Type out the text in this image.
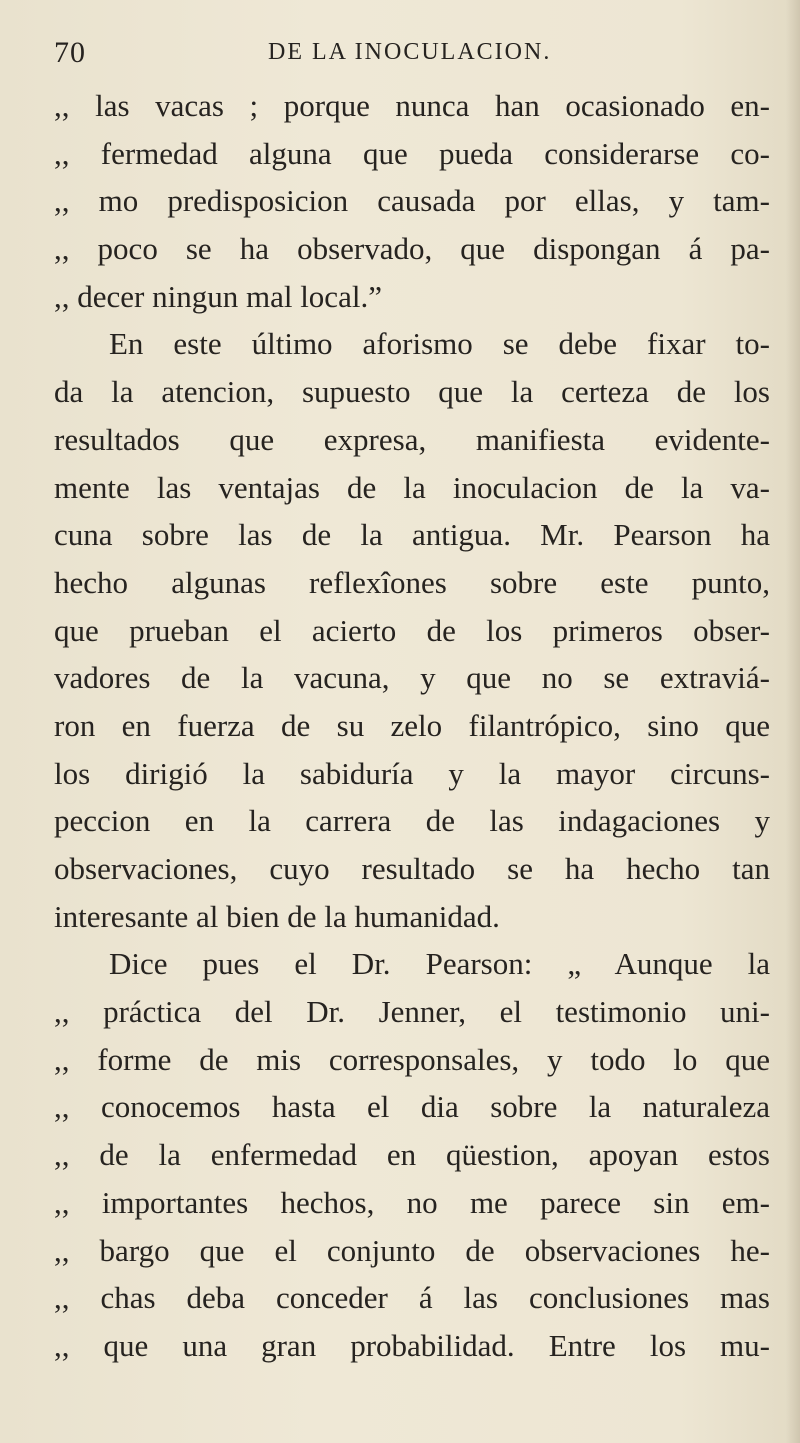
70	DE LA INOCULACION.
,, las vacas ; porque nunca han ocasionado en-
,, fermedad alguna que pueda considerarse co-
,, mo predisposicion causada por ellas, y tam-
,, poco se ha observado, que dispongan á pa-
,, decer ningun mal local.”
En este último aforismo se debe fixar to-
da la atencion, supuesto que la certeza de los
resultados que expresa, manifiesta evidente-
mente las ventajas de la inoculacion de la va-
cuna sobre las de la antigua. Mr. Pearson ha
hecho algunas reflexîones sobre este punto,
que prueban el acierto de los primeros obser-
vadores de la vacuna, y que no se extraviá-
ron en fuerza de su zelo filantrópico, sino que
los dirigió la sabiduría y la mayor circuns-
peccion en la carrera de las indagaciones y
observaciones, cuyo resultado se ha hecho tan
interesante al bien de la humanidad.
Dice pues el Dr. Pearson: „ Aunque la
,, práctica del Dr. Jenner, el testimonio uni-
,, forme de mis corresponsales, y todo lo que
,, conocemos hasta el dia sobre la naturaleza
,, de la enfermedad en qüestion, apoyan estos
,, importantes hechos, no me parece sin em-
,, bargo que el conjunto de observaciones he-
,, chas deba conceder á las conclusiones mas
,, que una gran probabilidad. Entre los mu-
